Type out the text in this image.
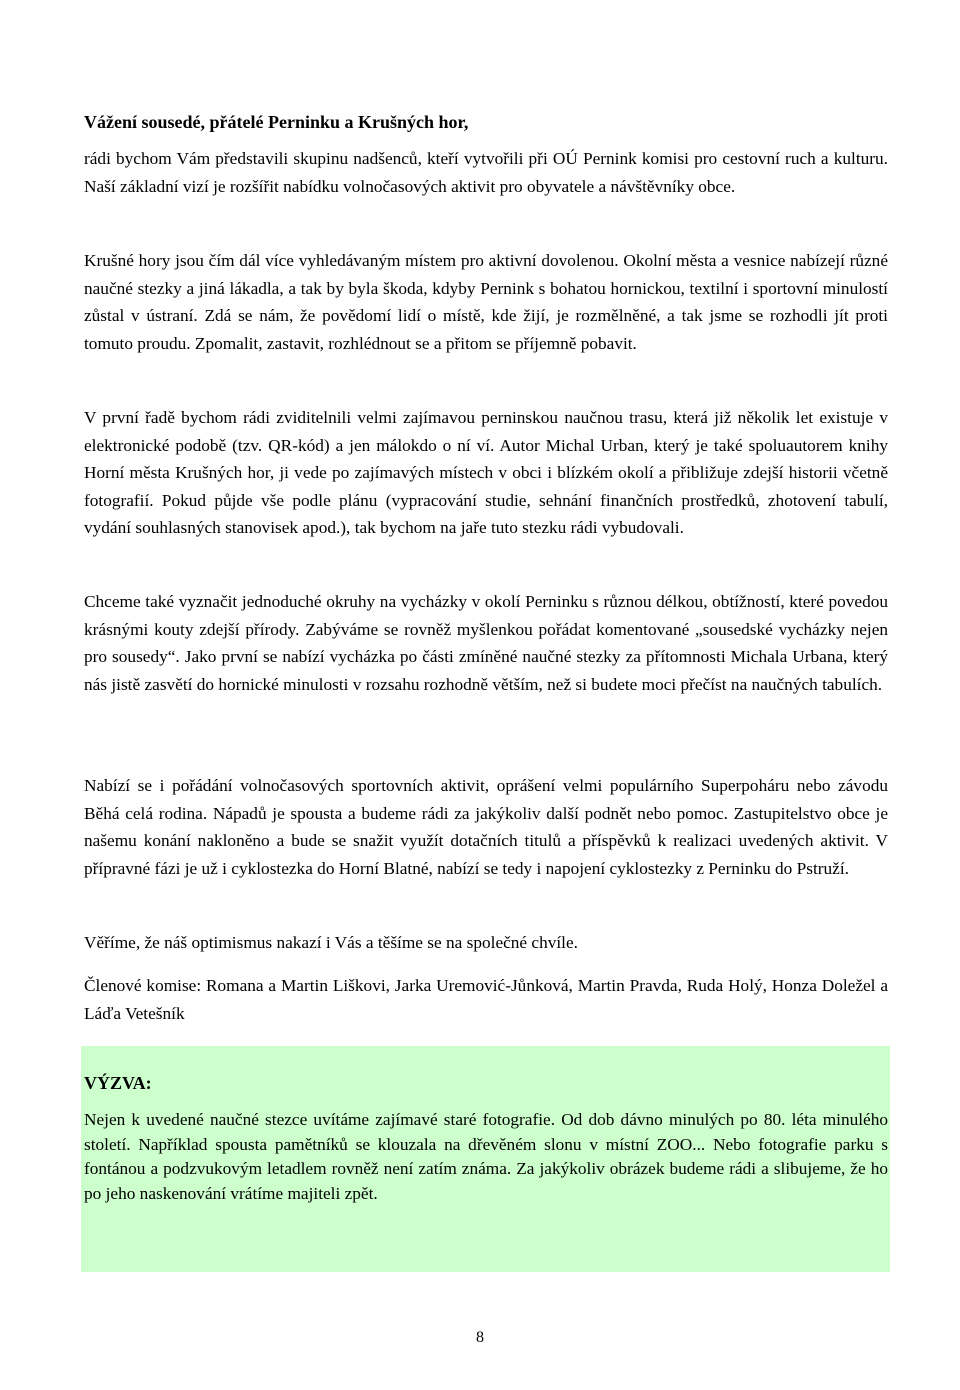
Vážení sousedé, přátelé Perninku a Krušných hor,

rádi bychom Vám představili skupinu nadšenců, kteří vytvořili při OÚ Pernink komisi pro cestovní ruch a kulturu. Naší základní vizí je rozšířit nabídku volnočasových aktivit pro obyvatele a návštěvníky obce.

Krušné hory jsou čím dál více vyhledávaným místem pro aktivní dovolenou. Okolní města a vesnice nabízejí různé naučné stezky a jiná lákadla, a tak by byla škoda, kdyby Pernink s bohatou hornickou, textilní i sportovní minulostí zůstal v ústraní. Zdá se nám, že povědomí lidí o místě, kde žijí, je rozmělněné, a tak jsme se rozhodli jít proti tomuto proudu. Zpomalit, zastavit, rozhlédnout se a přitom se příjemně pobavit.

V první řadě bychom rádi zviditelnili velmi zajímavou perninskou naučnou trasu, která již několik let existuje v elektronické podobě (tzv. QR-kód) a jen málokdo o ní ví. Autor Michal Urban, který je také spoluautorem knihy Horní města Krušných hor, ji vede po zajímavých místech v obci i blízkém okolí a přibližuje zdejší historii včetně fotografií. Pokud půjde vše podle plánu (vypracování studie, sehnání finančních prostředků, zhotovení tabulí, vydání souhlasných stanovisek apod.), tak bychom na jaře tuto stezku rádi vybudovali.

Chceme také vyznačit jednoduché okruhy na vycházky v okolí Perninku s různou délkou, obtížností, které povedou krásnými kouty zdejší přírody. Zabýváme se rovněž myšlenkou pořádat komentované „sousedské vycházky nejen pro sousedy“. Jako první se nabízí vycházka po části zmíněné naučné stezky za přítomnosti Michala Urbana, který nás jistě zasvětí do hornické minulosti v rozsahu rozhodně větším, než si budete moci přečíst na naučných tabulích.

Nabízí se i pořádání volnočasových sportovních aktivit, oprášení velmi populárního Superpoháru nebo závodu Běhá celá rodina. Nápadů je spousta a budeme rádi za jakýkoliv další podnět nebo pomoc. Zastupitelstvo obce je našemu konání nakloněno a bude se snažit využít dotačních titulů a příspěvků k realizaci uvedených aktivit. V přípravné fázi je už i cyklostezka do Horní Blatné, nabízí se tedy i napojení cyklostezky z Perninku do Pstruží.

Věříme, že náš optimismus nakazí i Vás a těšíme se na společné chvíle.

Členové komise: Romana a Martin Liškovi, Jarka Uremović-Jůnková, Martin Pravda, Ruda Holý, Honza Doležel a Láďa Vetešník

VÝZVA:

Nejen k uvedené naučné stezce uvítáme zajímavé staré fotografie. Od dob dávno minulých po 80. léta minulého století. Například spousta pamětníků se klouzala na dřevěném slonu v místní ZOO... Nebo fotografie parku s fontánou a podzvukovým letadlem rovněž není zatím známa. Za jakýkoliv obrázek budeme rádi a slibujeme, že ho po jeho naskenování vrátíme majiteli zpět.

8
